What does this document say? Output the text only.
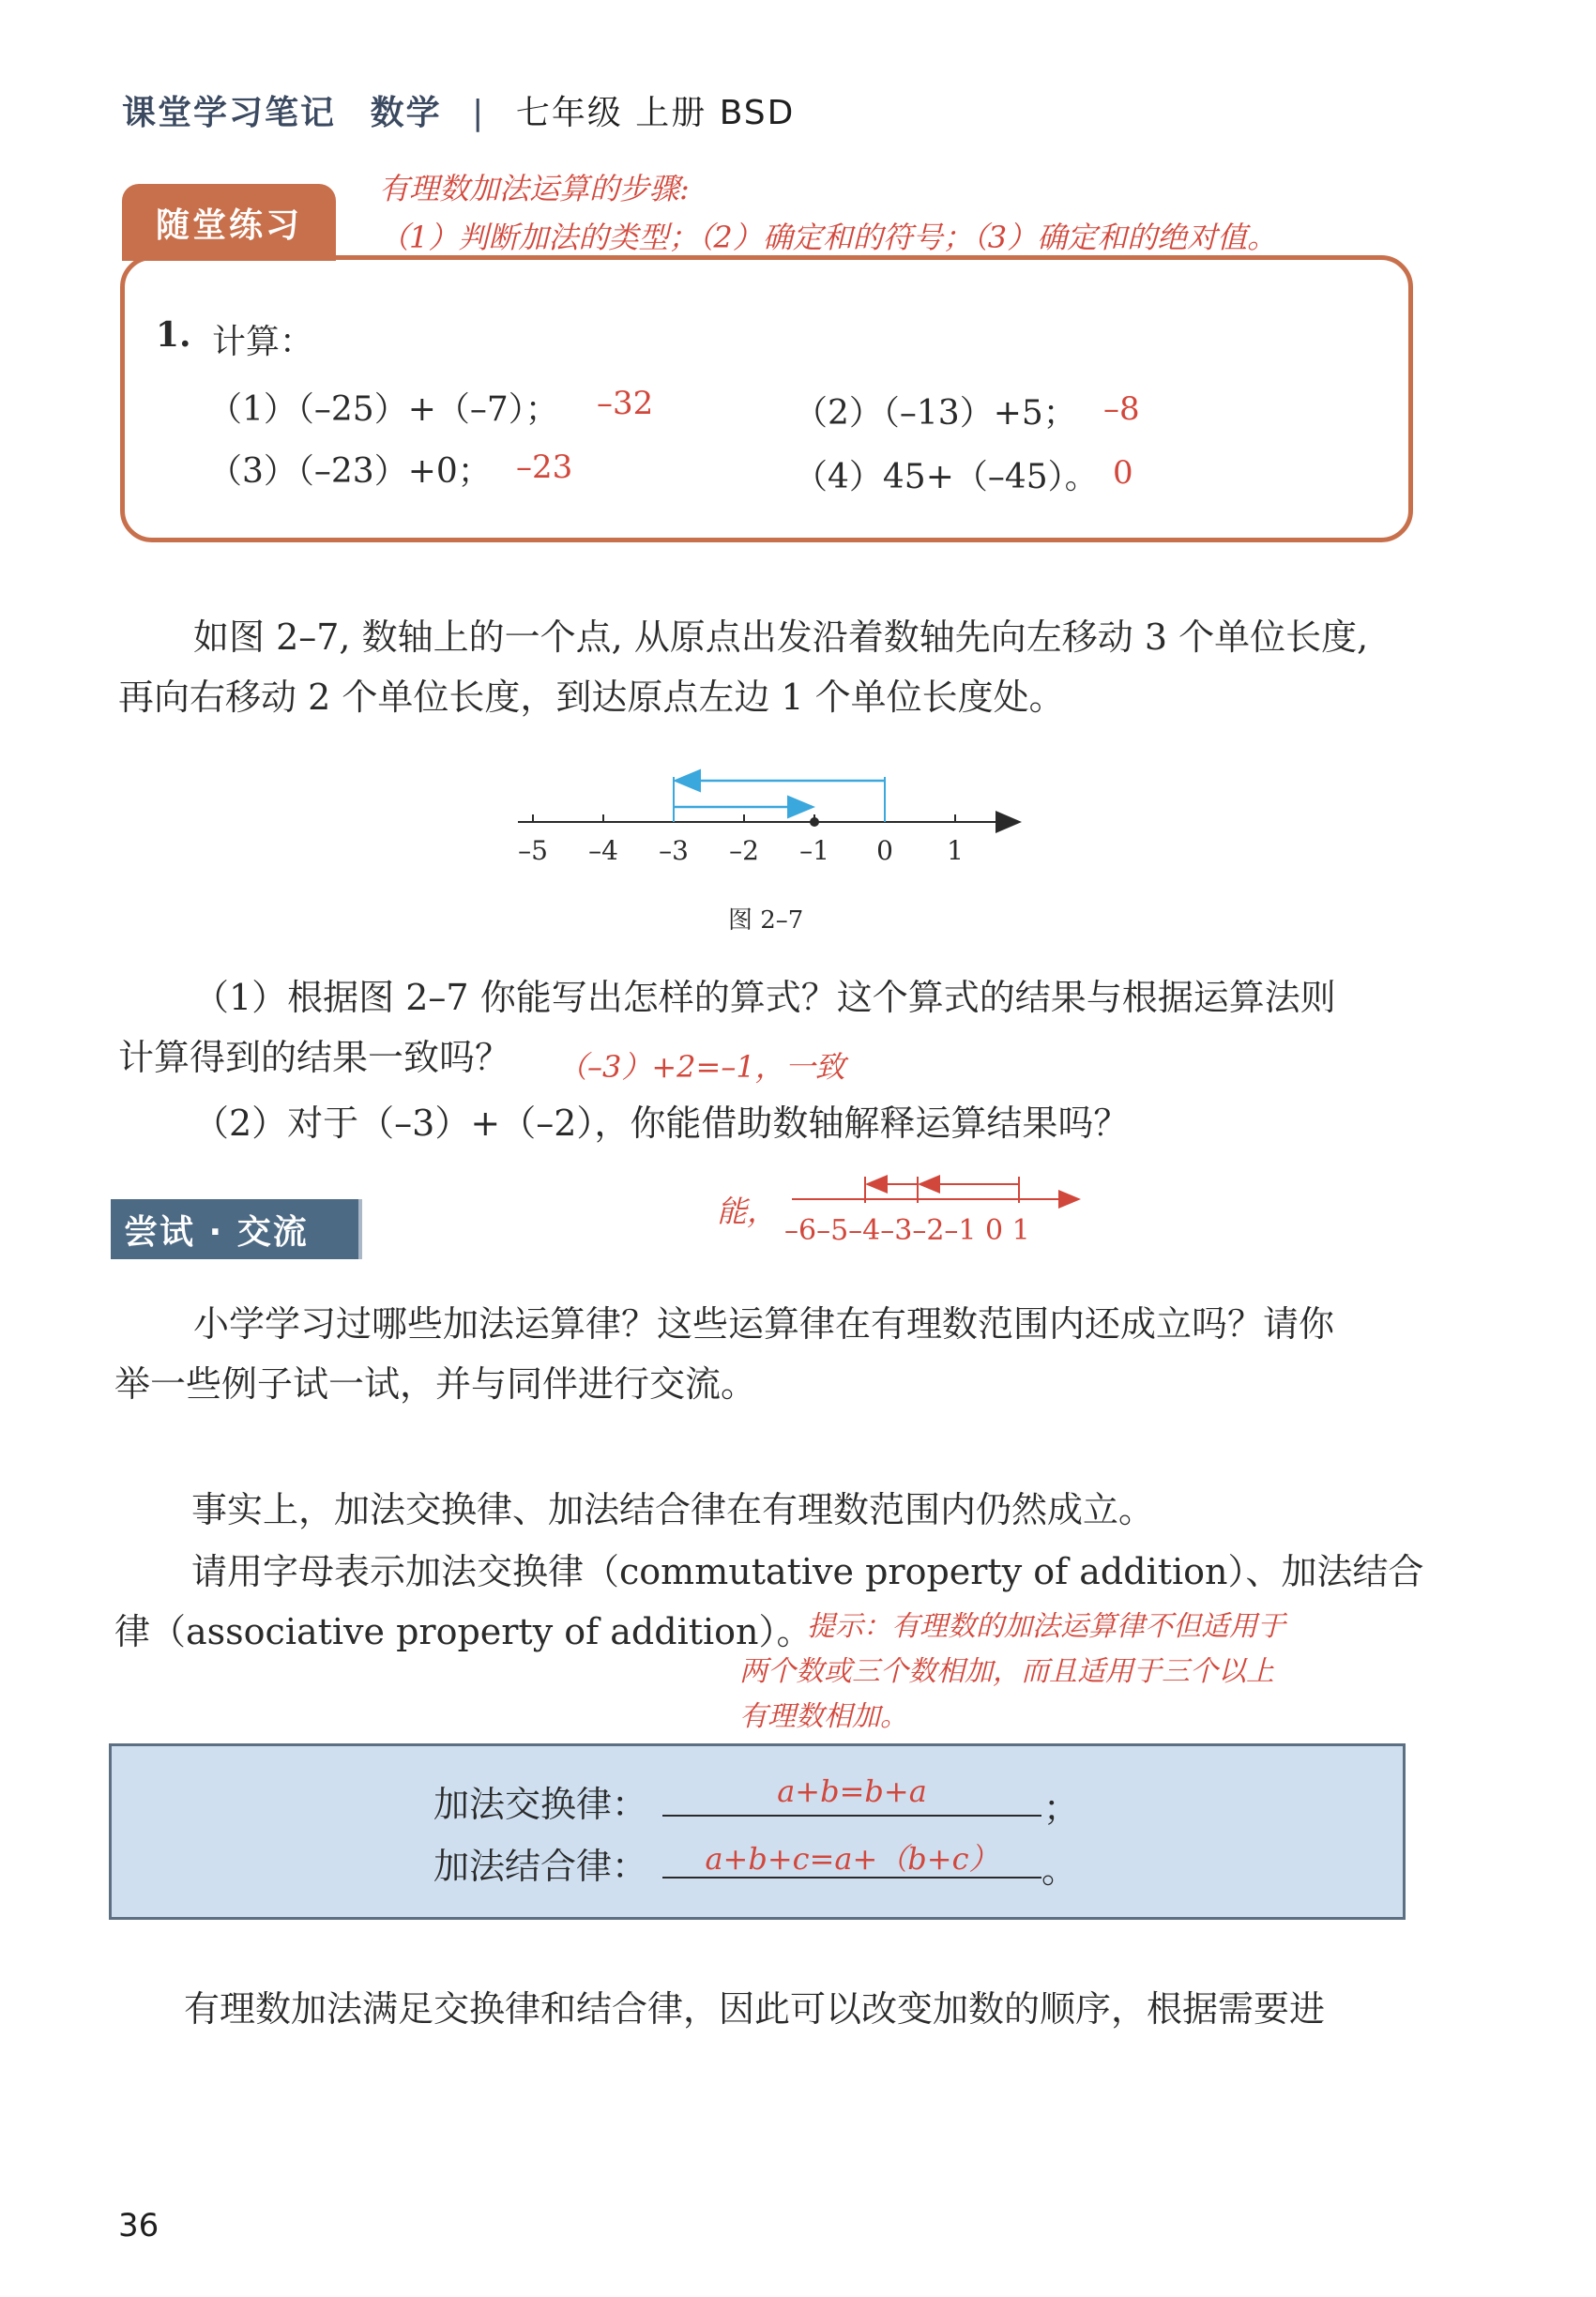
课堂学习笔记 数学 | 七年级 上册 BSD
随堂练习
有理数加法运算的步骤:
（1）判断加法的类型；（2）确定和的符号；（3）确定和的绝对值。
1. 计算：
（1）（–25）+（–7）； –32	（2）（–13）+5； –8
（3）（–23）+0； –23	（4）45+（–45）。 0
如图 2–7, 数轴上的一个点, 从原点出发沿着数轴先向左移动 3 个单位长度,
再向右移动 2 个单位长度，到达原点左边 1 个单位长度处。
–5 –4 –3 –2 –1 0 1
图 2–7
（1）根据图 2–7 你能写出怎样的算式？这个算式的结果与根据运算法则
计算得到的结果一致吗？ （–3）+2=–1，一致
（2）对于（–3）+（–2），你能借助数轴解释运算结果吗？
能，
–6–5–4–3–2–1 0 1
尝试 · 交流
小学学习过哪些加法运算律？这些运算律在有理数范围内还成立吗？请你
举一些例子试一试，并与同伴进行交流。
事实上，加法交换律、加法结合律在有理数范围内仍然成立。
请用字母表示加法交换律（commutative property of addition）、加法结合
律（associative property of addition）。
提示：有理数的加法运算律不但适用于
两个数或三个数相加，而且适用于三个以上
有理数相加。
加法交换律：	a+b=b+a	；
加法结合律：	a+b+c=a+（b+c）	。
有理数加法满足交换律和结合律，因此可以改变加数的顺序，根据需要进
36
